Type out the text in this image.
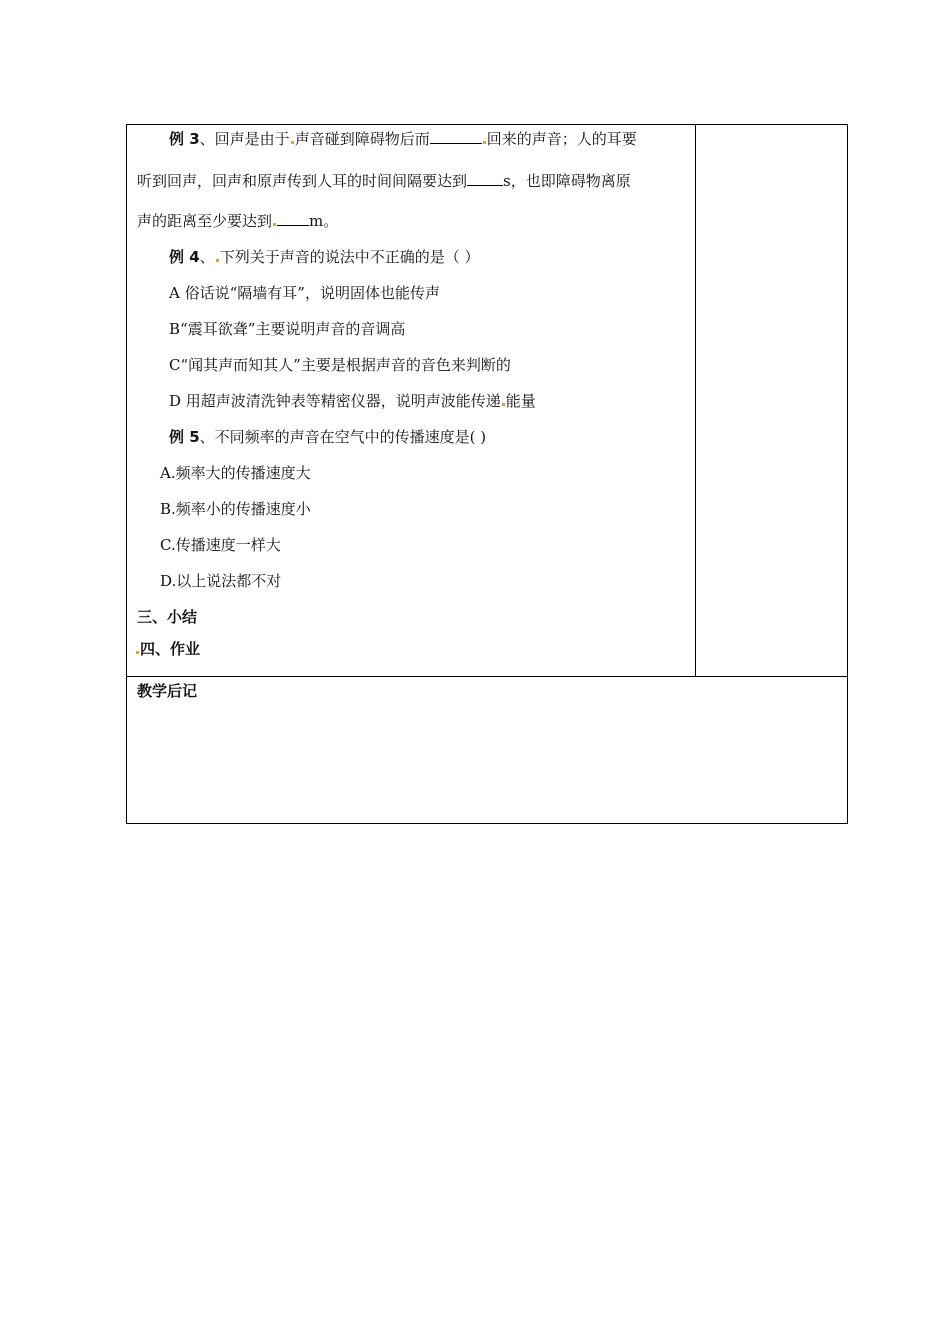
例 3、回声是由于 声音碰到障碍物后而	回来的声音；人的耳要
听到回声，回声和原声传到人耳的时间间隔要达到 s，也即障碍物离原
声的距离至少要达到 m。
例 4、 下列关于声音的说法中不正确的是（ ）
A 俗话说“隔墙有耳”，说明固体也能传声
B“震耳欲聋”主要说明声音的音调高
C“闻其声而知其人”主要是根据声音的音色来判断的
D 用超声波清洗钟表等精密仪器，说明声波能传递 能量
例 5、不同频率的声音在空气中的传播速度是( )
A.频率大的传播速度大
B.频率小的传播速度小
C.传播速度一样大
D.以上说法都不对
三、小结
四、作业
教学后记
